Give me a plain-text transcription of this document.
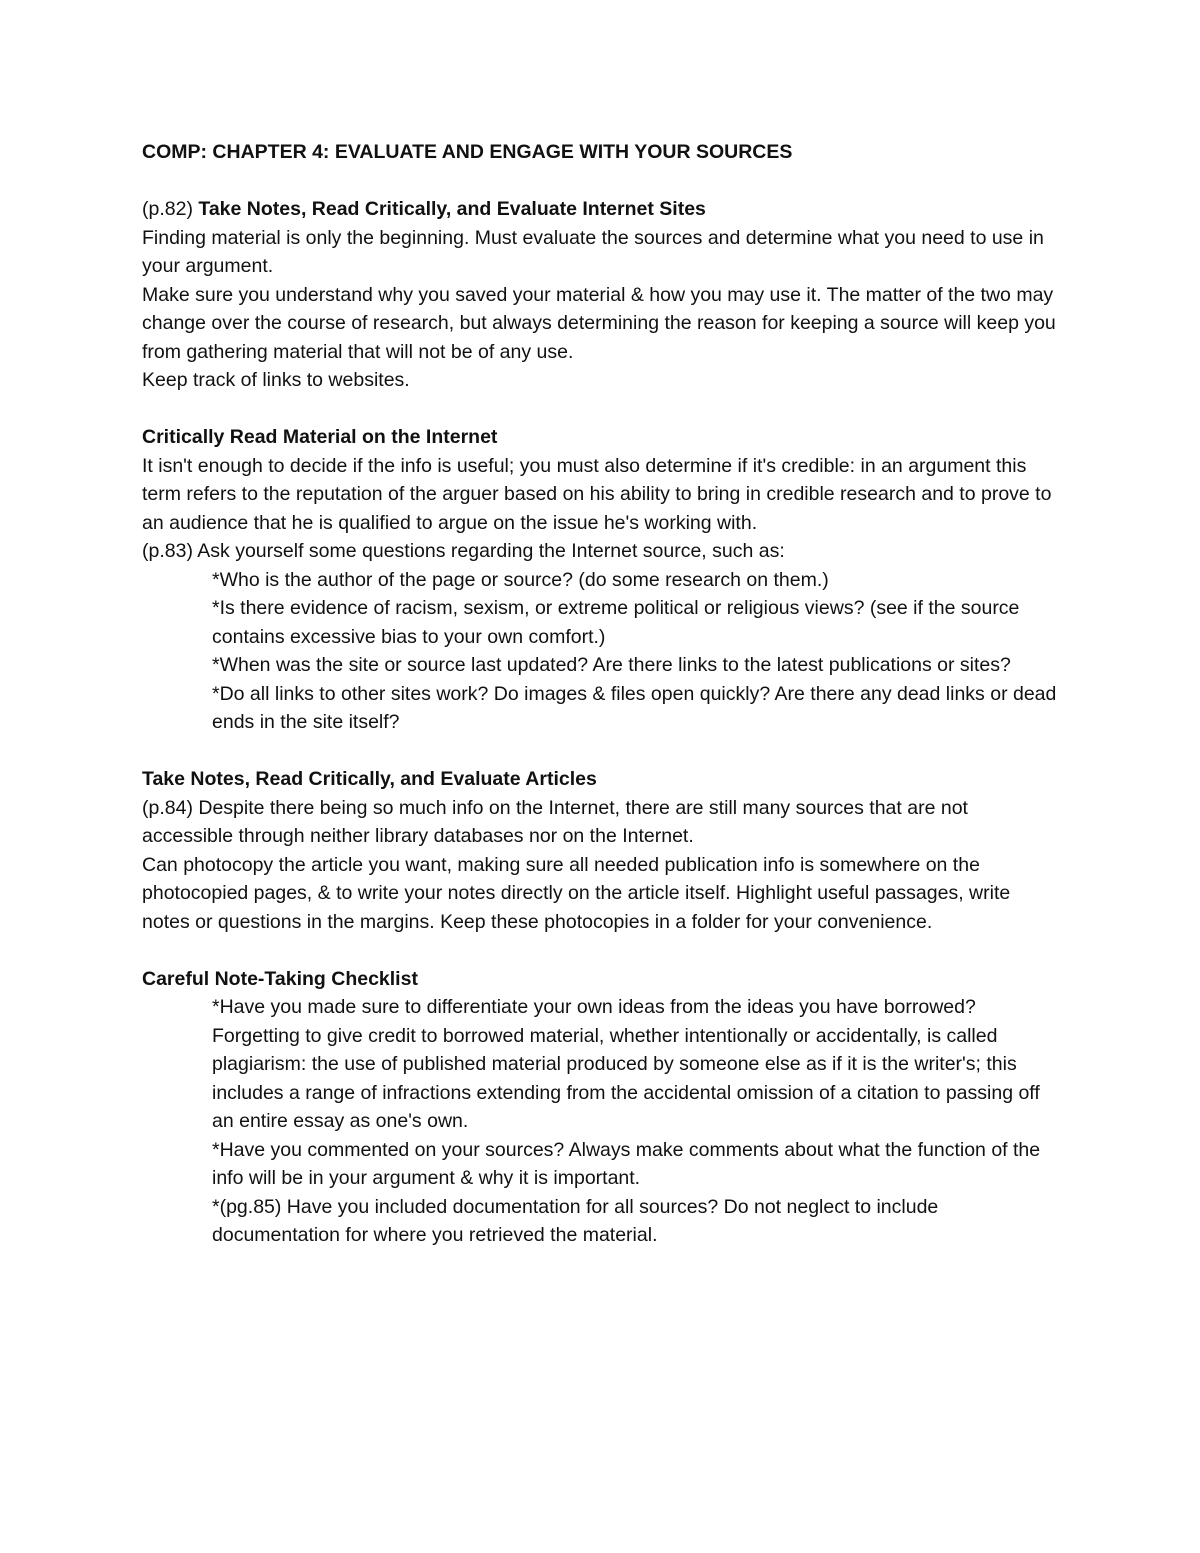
COMP: CHAPTER 4: EVALUATE AND ENGAGE WITH YOUR SOURCES

(p.82) Take Notes, Read Critically, and Evaluate Internet Sites

Finding material is only the beginning. Must evaluate the sources and determine what you need to use in your argument.

Make sure you understand why you saved your material & how you may use it. The matter of the two may change over the course of research, but always determining the reason for keeping a source will keep you from gathering material that will not be of any use.

Keep track of links to websites.

Critically Read Material on the Internet

It isn't enough to decide if the info is useful; you must also determine if it's credible: in an argument this term refers to the reputation of the arguer based on his ability to bring in credible research and to prove to an audience that he is qualified to argue on the issue he's working with.

(p.83) Ask yourself some questions regarding the Internet source, such as:

*Who is the author of the page or source? (do some research on them.)

*Is there evidence of racism, sexism, or extreme political or religious views? (see if the source contains excessive bias to your own comfort.)

*When was the site or source last updated? Are there links to the latest publications or sites?

*Do all links to other sites work? Do images & files open quickly? Are there any dead links or dead ends in the site itself?

Take Notes, Read Critically, and Evaluate Articles

(p.84) Despite there being so much info on the Internet, there are still many sources that are not accessible through neither library databases nor on the Internet.

Can photocopy the article you want, making sure all needed publication info is somewhere on the photocopied pages, & to write your notes directly on the article itself. Highlight useful passages, write notes or questions in the margins. Keep these photocopies in a folder for your convenience.

Careful Note-Taking Checklist

*Have you made sure to differentiate your own ideas from the ideas you have borrowed? Forgetting to give credit to borrowed material, whether intentionally or accidentally, is called plagiarism: the use of published material produced by someone else as if it is the writer's; this includes a range of infractions extending from the accidental omission of a citation to passing off an entire essay as one's own.

*Have you commented on your sources? Always make comments about what the function of the info will be in your argument & why it is important.

*(pg.85) Have you included documentation for all sources? Do not neglect to include documentation for where you retrieved the material.
